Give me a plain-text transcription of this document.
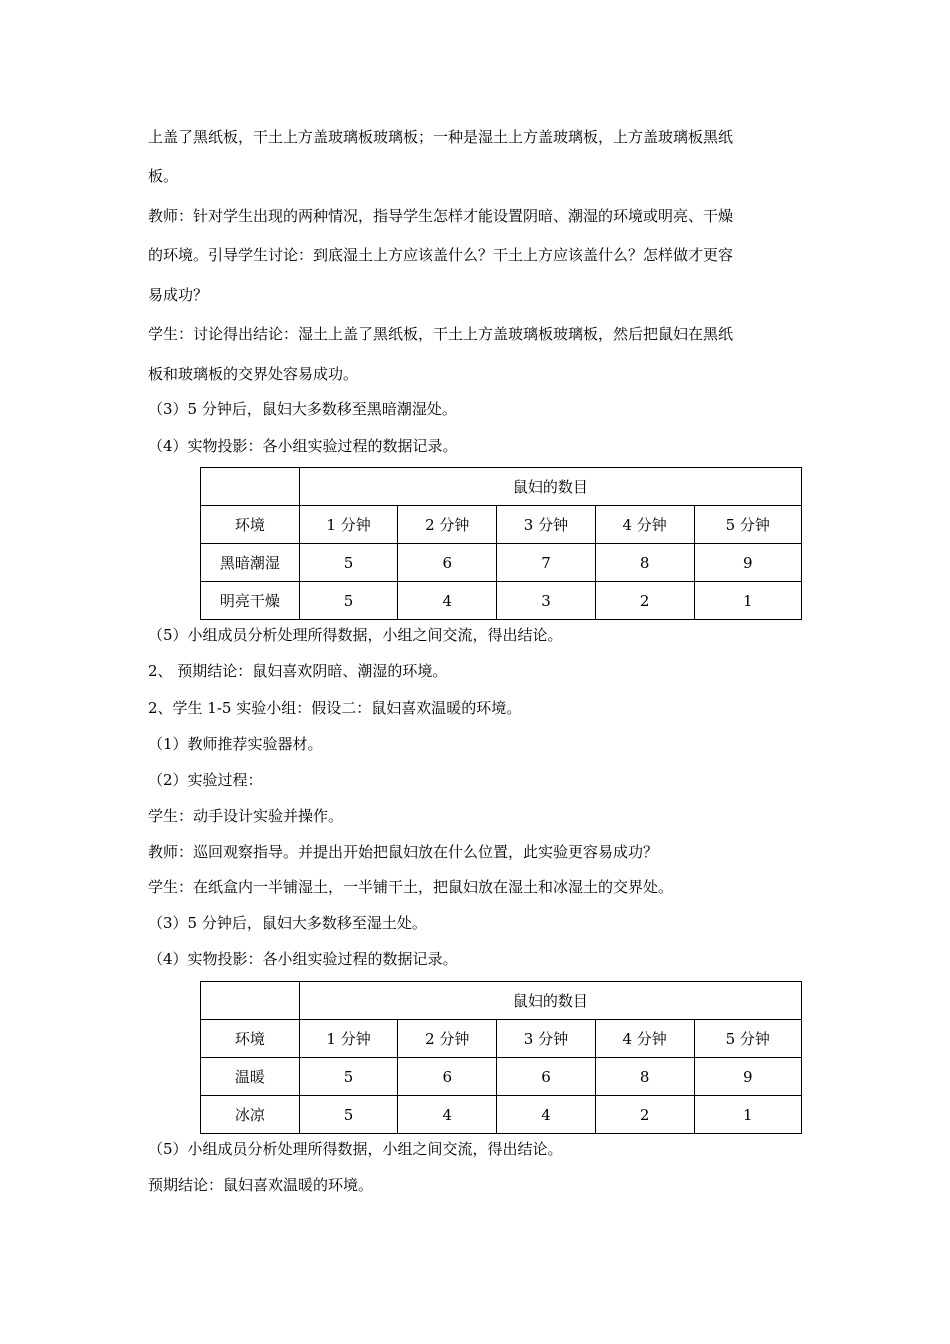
上盖了黑纸板，干土上方盖玻璃板玻璃板；一种是湿土上方盖玻璃板，上方盖玻璃板黑纸
板。
教师：针对学生出现的两种情况，指导学生怎样才能设置阴暗、潮湿的环境或明亮、干燥
的环境。引导学生讨论：到底湿土上方应该盖什么？干土上方应该盖什么？怎样做才更容
易成功？
学生：讨论得出结论：湿土上盖了黑纸板，干土上方盖玻璃板玻璃板，然后把鼠妇在黑纸
板和玻璃板的交界处容易成功。
（3）5 分钟后，鼠妇大多数移至黑暗潮湿处。
（4）实物投影：各小组实验过程的数据记录。
	鼠妇的数目				
环境	1 分钟	2 分钟	3 分钟	4 分钟	5 分钟
黑暗潮湿	5	6	7	8	9
明亮干燥	5	4	3	2	1
（5）小组成员分析处理所得数据，小组之间交流，得出结论。
2、 预期结论：鼠妇喜欢阴暗、潮湿的环境。
2、学生 1-5 实验小组：假设二：鼠妇喜欢温暖的环境。
（1）教师推荐实验器材。
（2）实验过程：
学生：动手设计实验并操作。
教师：巡回观察指导。并提出开始把鼠妇放在什么位置，此实验更容易成功？
学生：在纸盒内一半铺湿土，一半铺干土，把鼠妇放在湿土和冰湿土的交界处。
（3）5 分钟后，鼠妇大多数移至湿土处。
（4）实物投影：各小组实验过程的数据记录。
	鼠妇的数目				
环境	1 分钟	2 分钟	3 分钟	4 分钟	5 分钟
温暖	5	6	6	8	9
冰凉	5	4	4	2	1
（5）小组成员分析处理所得数据，小组之间交流，得出结论。
预期结论：鼠妇喜欢温暖的环境。
